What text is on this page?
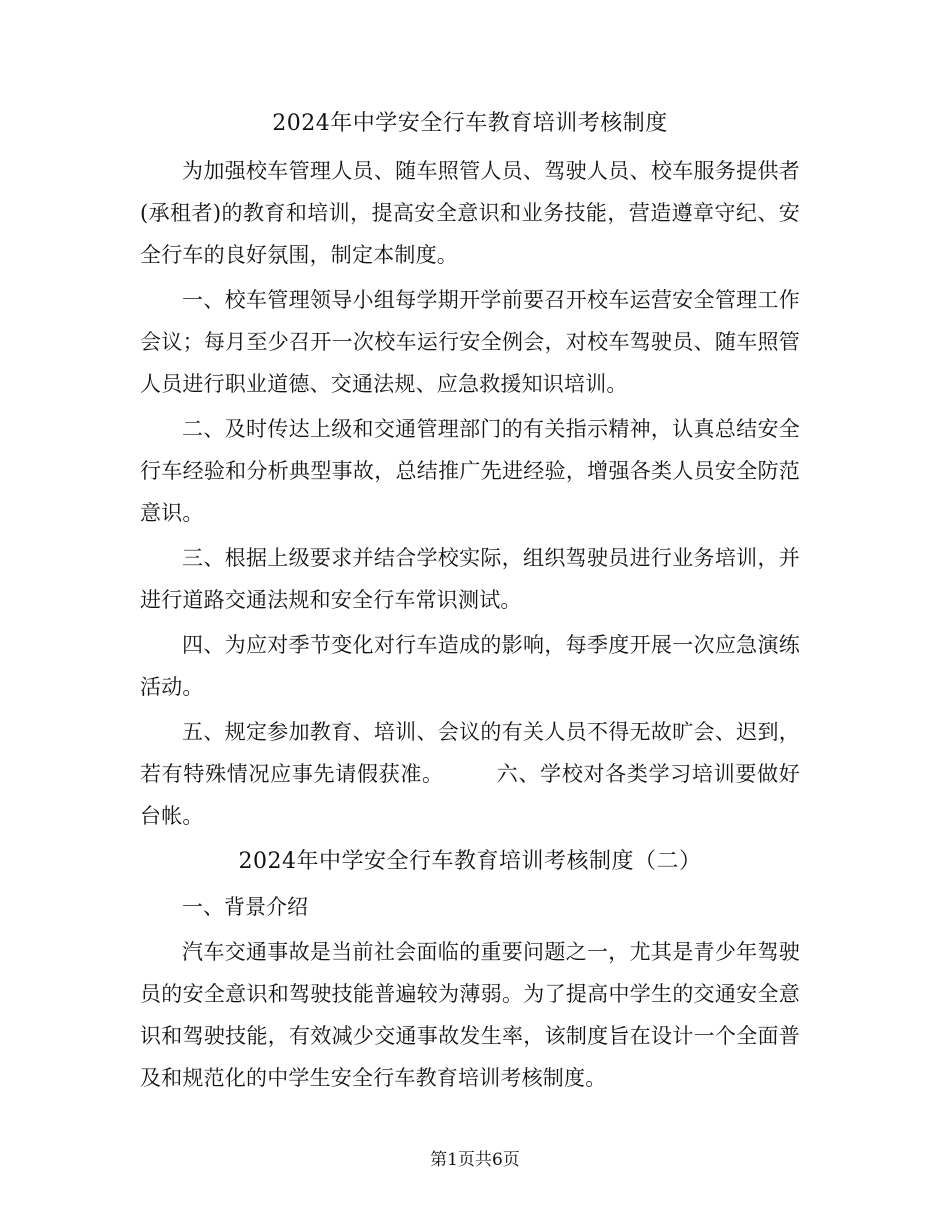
2024年中学安全行车教育培训考核制度

为加强校车管理人员、随车照管人员、驾驶人员、校车服务提供者(承租者)的教育和培训，提高安全意识和业务技能，营造遵章守纪、安全行车的良好氛围，制定本制度。

一、校车管理领导小组每学期开学前要召开校车运营安全管理工作会议；每月至少召开一次校车运行安全例会，对校车驾驶员、随车照管人员进行职业道德、交通法规、应急救援知识培训。

二、及时传达上级和交通管理部门的有关指示精神，认真总结安全行车经验和分析典型事故，总结推广先进经验，增强各类人员安全防范意识。

三、根据上级要求并结合学校实际，组织驾驶员进行业务培训，并进行道路交通法规和安全行车常识测试。

四、为应对季节变化对行车造成的影响，每季度开展一次应急演练活动。

五、规定参加教育、培训、会议的有关人员不得无故旷会、迟到，若有特殊情况应事先请假获准。	六、学校对各类学习培训要做好台帐。

2024年中学安全行车教育培训考核制度（二）

一、背景介绍

汽车交通事故是当前社会面临的重要问题之一，尤其是青少年驾驶员的安全意识和驾驶技能普遍较为薄弱。为了提高中学生的交通安全意识和驾驶技能，有效减少交通事故发生率，该制度旨在设计一个全面普及和规范化的中学生安全行车教育培训考核制度。

第1页共6页
